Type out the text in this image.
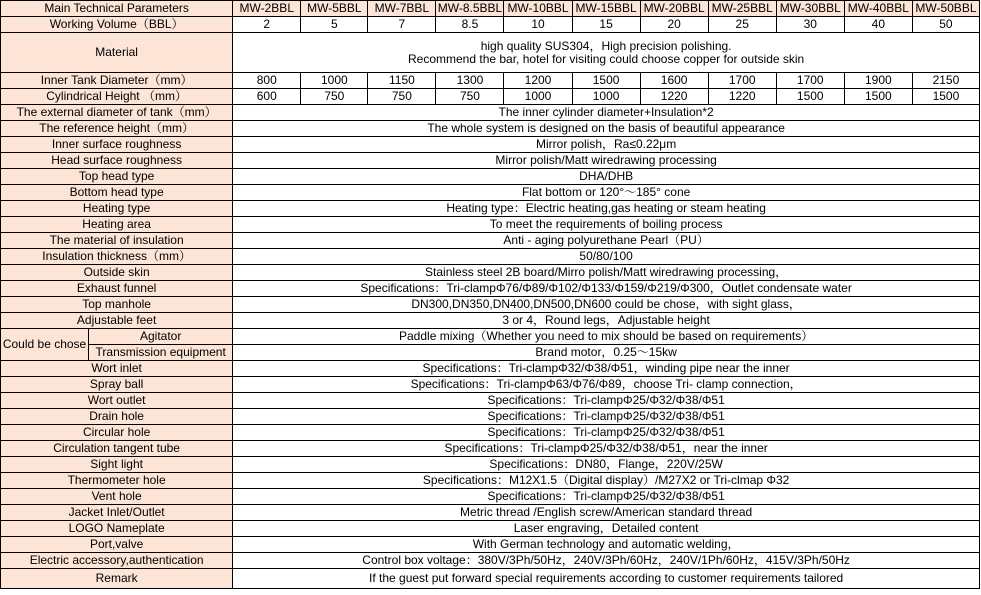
Main Technical Parameters		MW-2BBL	MW-5BBL	MW-7BBL	MW-8.5BBL	MW-10BBL	MW-15BBL	MW-20BBL	MW-25BBL	MW-30BBL	MW-40BBL	MW-50BBL
Working Volume（BBL）		2	5	7	8.5	10	15	20	25	30	40	50
Material		high quality SUS304，High precision polishing.
Recommend the bar, hotel for visiting could choose copper for outside skin										

Inner Tank Diameter（mm）		800	1000	1150	1300	1200	1500	1600	1700	1700	1900	2150
Cylindrical Height （mm）		600	750	750	750	1000	1000	1220	1220	1500	1500	1500
The external diameter of tank（mm）		The inner cylinder diameter+Insulation*2										
The reference height（mm）		The whole system is designed on the basis of beautiful appearance										
Inner surface roughness		Mirror polish，Ra≤0.22μm										
Head surface roughness		Mirror polish/Matt wiredrawing processing										
Top head type		DHA/DHB										
Bottom head type		Flat bottom or 120°～185° cone										
Heating type		Heating type：Electric heating,gas heating or steam heating										
Heating area		To meet the requirements of boiling process										
The material of insulation		Anti - aging polyurethane Pearl（PU）										
Insulation thickness（mm）		50/80/100										
Outside skin		Stainless steel 2B board/Mirro polish/Matt wiredrawing processing，										
Exhaust funnel		Specifications：Tri-clampΦ76/Φ89/Φ102/Φ133/Φ159/Φ219/Φ300，Outlet condensate water										
Top manhole		DN300,DN350,DN400,DN500,DN600 could be chose，with sight glass，										
Adjustable feet		3 or 4，Round legs，Adjustable height										
Could be chose	Agitator	Paddle mixing（Whether you need to mix should be based on requirements）										
	Transmission equipment	Brand motor，0.25～15kw										
Wort inlet		Specifications：Tri-clampΦ32/Φ38/Φ51，winding pipe near the inner										
Spray ball		Specifications：Tri-clampΦ63/Φ76/Φ89，choose Tri- clamp connection，										
Wort outlet		Specifications：Tri-clampΦ25/Φ32/Φ38/Φ51										
Drain hole		Specifications：Tri-clampΦ25/Φ32/Φ38/Φ51										
Circular hole		Specifications：Tri-clampΦ25/Φ32/Φ38/Φ51										
Circulation tangent tube		Specifications：Tri-clampΦ25/Φ32/Φ38/Φ51，near the inner										
Sight light		Specifications：DN80，Flange，220V/25W										
Thermometer hole		Specifications：M12X1.5（Digital display）/M27X2 or Tri-clmap Φ32										
Vent hole		Specifications：Tri-clampΦ25/Φ32/Φ38/Φ51										
Jacket Inlet/Outlet		Metric thread /English screw/American standard thread										
LOGO Nameplate		Laser engraving，Detailed content										
Port,valve		With German technology and automatic welding，										
Electric accessory,authentication		Control box voltage：380V/3Ph/50Hz，240V/3Ph/60Hz，240V/1Ph/60Hz，415V/3Ph/50Hz										
Remark		If the guest put forward special requirements according to customer requirements tailored										
